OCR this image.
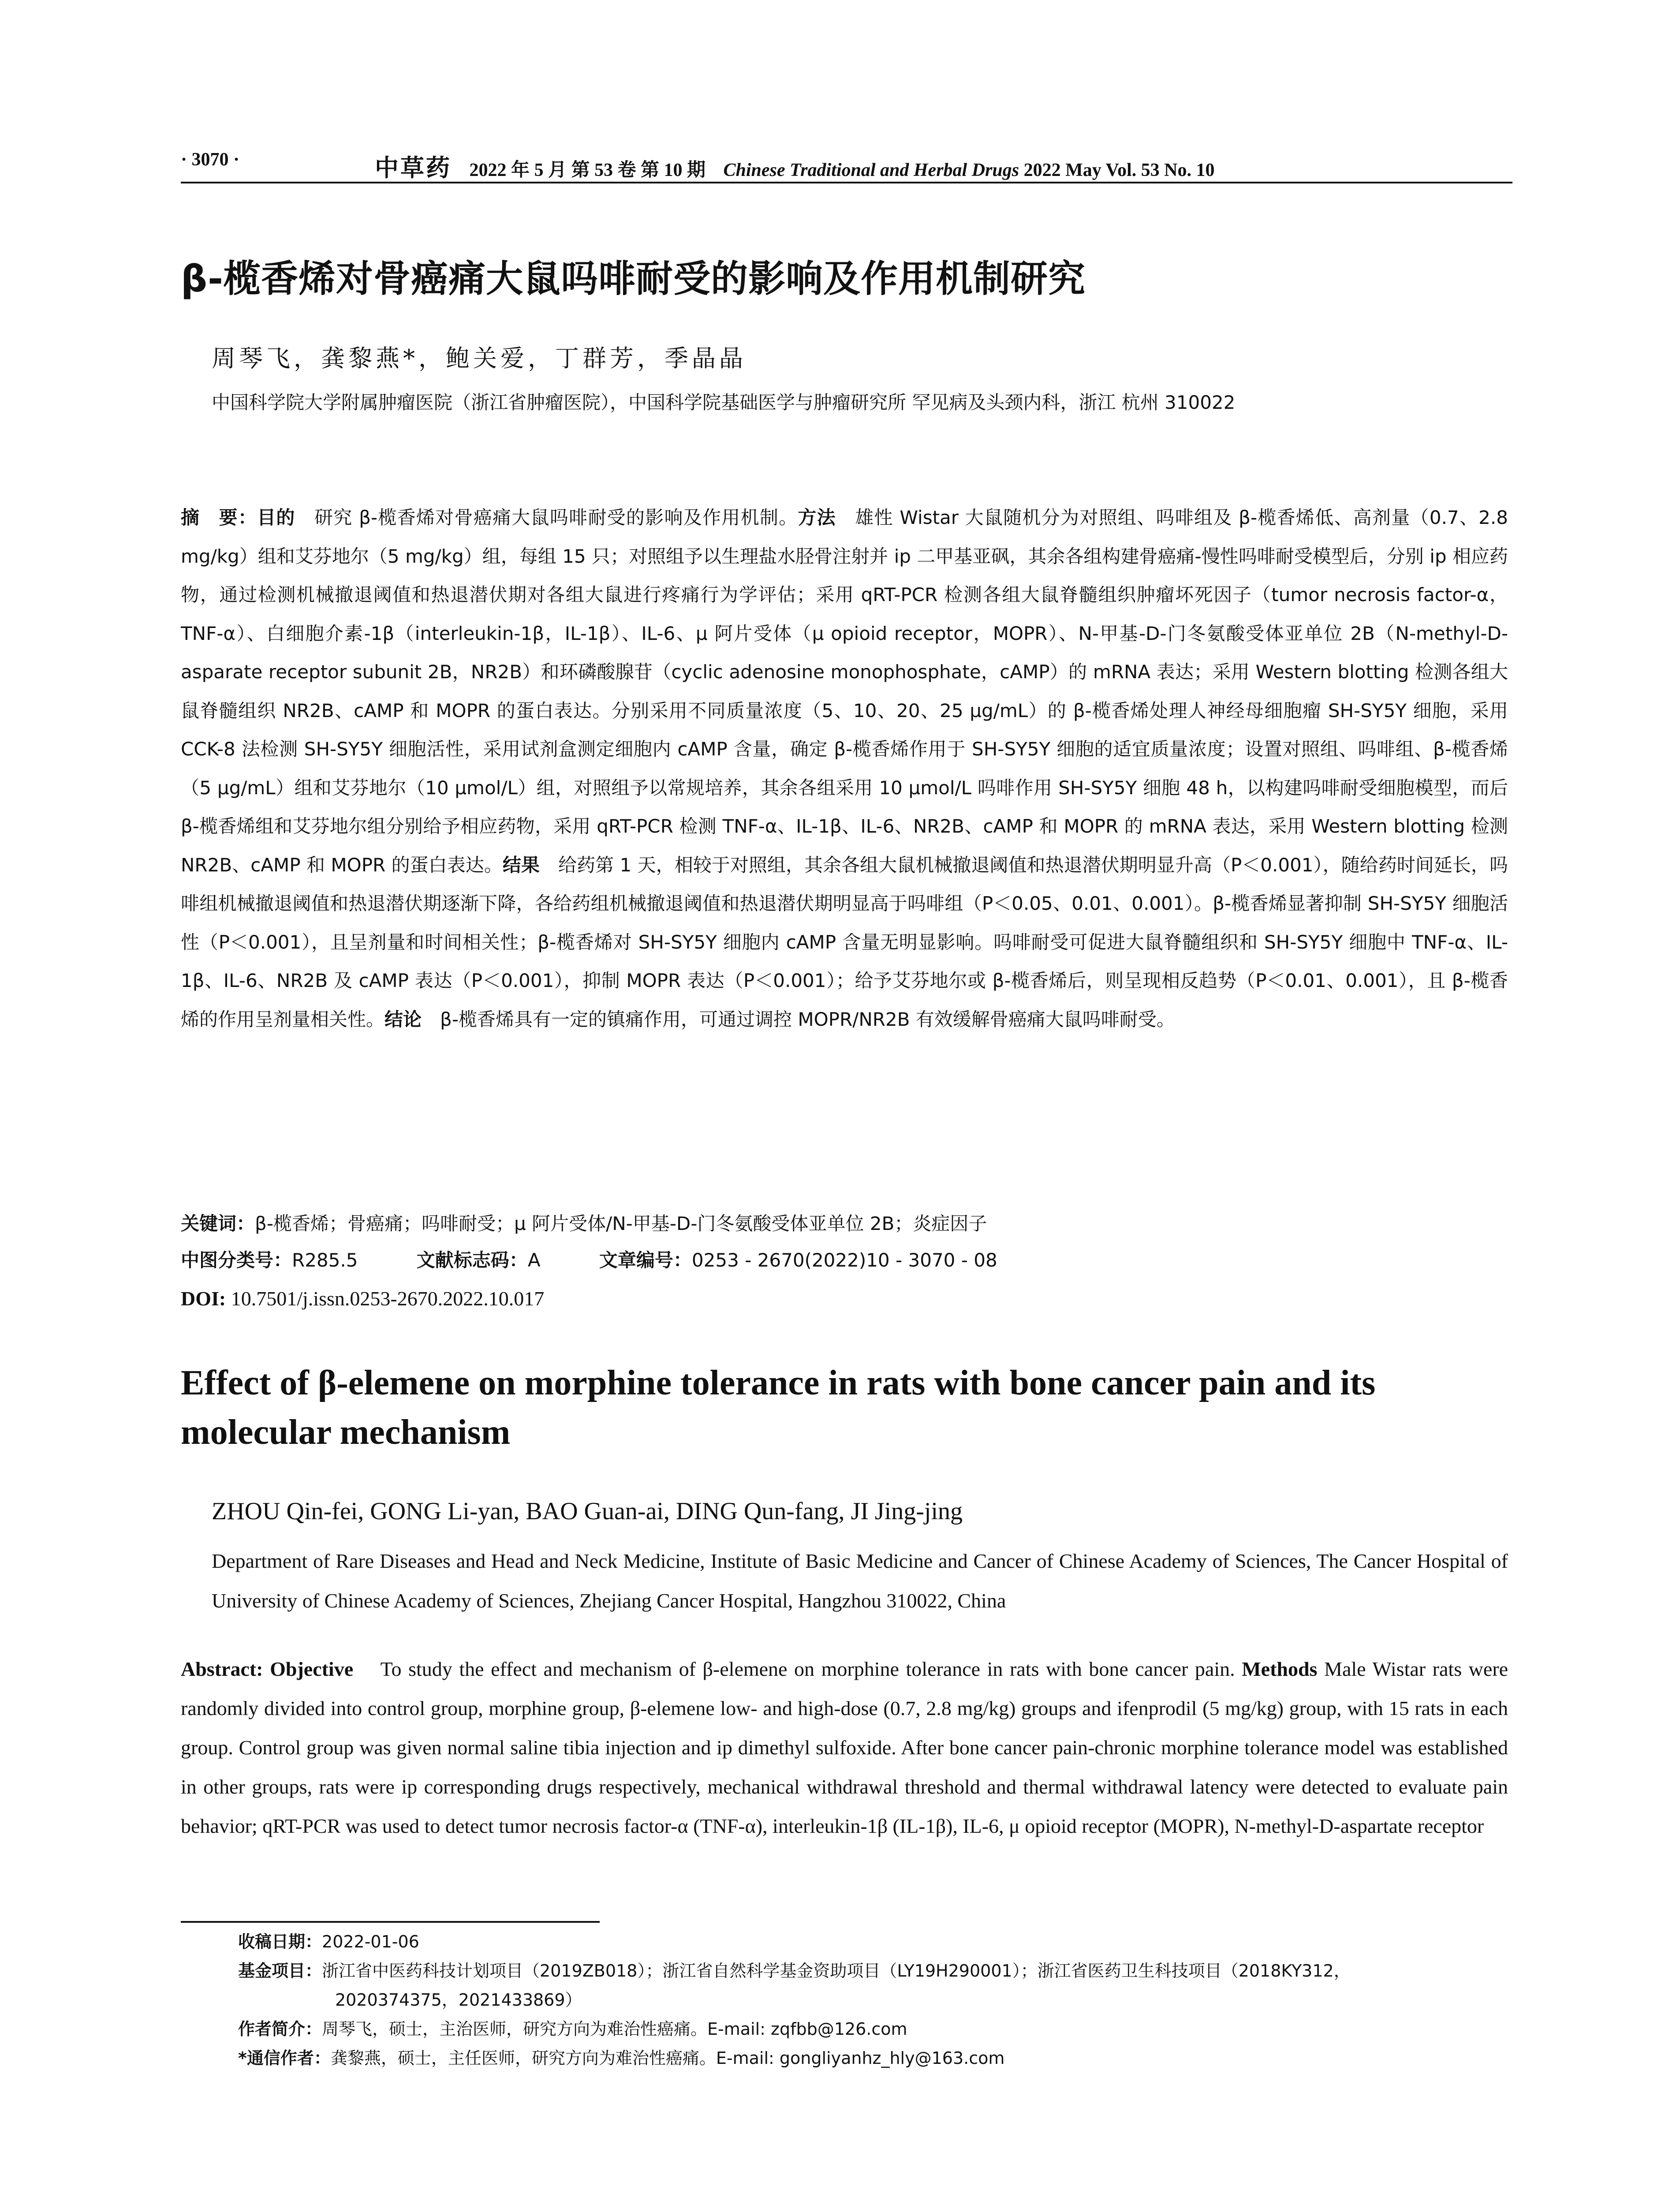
· 3070 ·	中草药 2022 年 5 月 第 53 卷 第 10 期 Chinese Traditional and Herbal Drugs 2022 May Vol. 53 No. 10
β-榄香烯对骨癌痛大鼠吗啡耐受的影响及作用机制研究
周琴飞，龚黎燕*，鲍关爱，丁群芳，季晶晶
中国科学院大学附属肿瘤医院（浙江省肿瘤医院），中国科学院基础医学与肿瘤研究所 罕见病及头颈内科，浙江 杭州 310022
摘　要：目的　 研究 β-榄香烯对骨癌痛大鼠吗啡耐受的影响及作用机制。方法　 雄性 Wistar 大鼠随机分为对照组、吗啡组及 β-榄香烯低、高剂量（0.7、2.8 mg/kg）组和艾芬地尔（5 mg/kg）组，每组 15 只；对照组予以生理盐水胫骨注射并 ip 二甲基亚砜，其余各组构建骨癌痛-慢性吗啡耐受模型后，分别 ip 相应药物，通过检测机械撤退阈值和热退潜伏期对各组大鼠进行疼痛行为学评估；采用 qRT-PCR 检测各组大鼠脊髓组织肿瘤坏死因子（tumor necrosis factor-α，TNF-α）、白细胞介素-1β（interleukin-1β，IL-1β）、IL-6、μ 阿片受体（μ opioid receptor，MOPR）、N-甲基-D-门冬氨酸受体亚单位 2B（N-methyl-D-asparate receptor subunit 2B，NR2B）和环磷酸腺苷（cyclic adenosine monophosphate，cAMP）的 mRNA 表达；采用 Western blotting 检测各组大鼠脊髓组织 NR2B、cAMP 和 MOPR 的蛋白表达。分别采用不同质量浓度（5、10、20、25 μg/mL）的 β-榄香烯处理人神经母细胞瘤 SH-SY5Y 细胞，采用 CCK-8 法检测 SH-SY5Y 细胞活性，采用试剂盒测定细胞内 cAMP 含量，确定 β-榄香烯作用于 SH-SY5Y 细胞的适宜质量浓度；设置对照组、吗啡组、β-榄香烯（5 μg/mL）组和艾芬地尔（10 μmol/L）组，对照组予以常规培养，其余各组采用 10 μmol/L 吗啡作用 SH-SY5Y 细胞 48 h，以构建吗啡耐受细胞模型，而后 β-榄香烯组和艾芬地尔组分别给予相应药物，采用 qRT-PCR 检测 TNF-α、IL-1β、IL-6、NR2B、cAMP 和 MOPR 的 mRNA 表达，采用 Western blotting 检测 NR2B、cAMP 和 MOPR 的蛋白表达。结果　 给药第 1 天，相较于对照组，其余各组大鼠机械撤退阈值和热退潜伏期明显升高（P＜0.001），随给药时间延长，吗啡组机械撤退阈值和热退潜伏期逐渐下降，各给药组机械撤退阈值和热退潜伏期明显高于吗啡组（P＜0.05、0.01、0.001）。β-榄香烯显著抑制 SH-SY5Y 细胞活性（P＜0.001），且呈剂量和时间相关性；β-榄香烯对 SH-SY5Y 细胞内 cAMP 含量无明显影响。吗啡耐受可促进大鼠脊髓组织和 SH-SY5Y 细胞中 TNF-α、IL-1β、IL-6、NR2B 及 cAMP 表达（P＜0.001），抑制 MOPR 表达（P＜0.001）；给予艾芬地尔或 β-榄香烯后，则呈现相反趋势（P＜0.01、0.001），且 β-榄香烯的作用呈剂量相关性。结论　 β-榄香烯具有一定的镇痛作用，可通过调控 MOPR/NR2B 有效缓解骨癌痛大鼠吗啡耐受。
关键词：β-榄香烯；骨癌痛；吗啡耐受；μ 阿片受体/N-甲基-D-门冬氨酸受体亚单位 2B；炎症因子
中图分类号：R285.5	文献标志码：A	文章编号：0253 - 2670(2022)10 - 3070 - 08
DOI: 10.7501/j.issn.0253-2670.2022.10.017
Effect of β-elemene on morphine tolerance in rats with bone cancer pain and its molecular mechanism
ZHOU Qin-fei, GONG Li-yan, BAO Guan-ai, DING Qun-fang, JI Jing-jing
Department of Rare Diseases and Head and Neck Medicine, Institute of Basic Medicine and Cancer of Chinese Academy of Sciences, The Cancer Hospital of University of Chinese Academy of Sciences, Zhejiang Cancer Hospital, Hangzhou 310022, China
Abstract: Objective To study the effect and mechanism of β-elemene on morphine tolerance in rats with bone cancer pain. Methods Male Wistar rats were randomly divided into control group, morphine group, β-elemene low- and high-dose (0.7, 2.8 mg/kg) groups and ifenprodil (5 mg/kg) group, with 15 rats in each group. Control group was given normal saline tibia injection and ip dimethyl sulfoxide. After bone cancer pain-chronic morphine tolerance model was established in other groups, rats were ip corresponding drugs respectively, mechanical withdrawal threshold and thermal withdrawal latency were detected to evaluate pain behavior; qRT-PCR was used to detect tumor necrosis factor-α (TNF-α), interleukin-1β (IL-1β), IL-6, μ opioid receptor (MOPR), N-methyl-D-aspartate receptor
收稿日期：2022-01-06
基金项目：浙江省中医药科技计划项目（2019ZB018）；浙江省自然科学基金资助项目（LY19H290001）；浙江省医药卫生科技项目（2018KY312，
2020374375，2021433869）
作者简介：周琴飞，硕士，主治医师，研究方向为难治性癌痛。E-mail: zqfbb@126.com
*通信作者：龚黎燕，硕士，主任医师，研究方向为难治性癌痛。E-mail: gongliyanhz_hly@163.com
